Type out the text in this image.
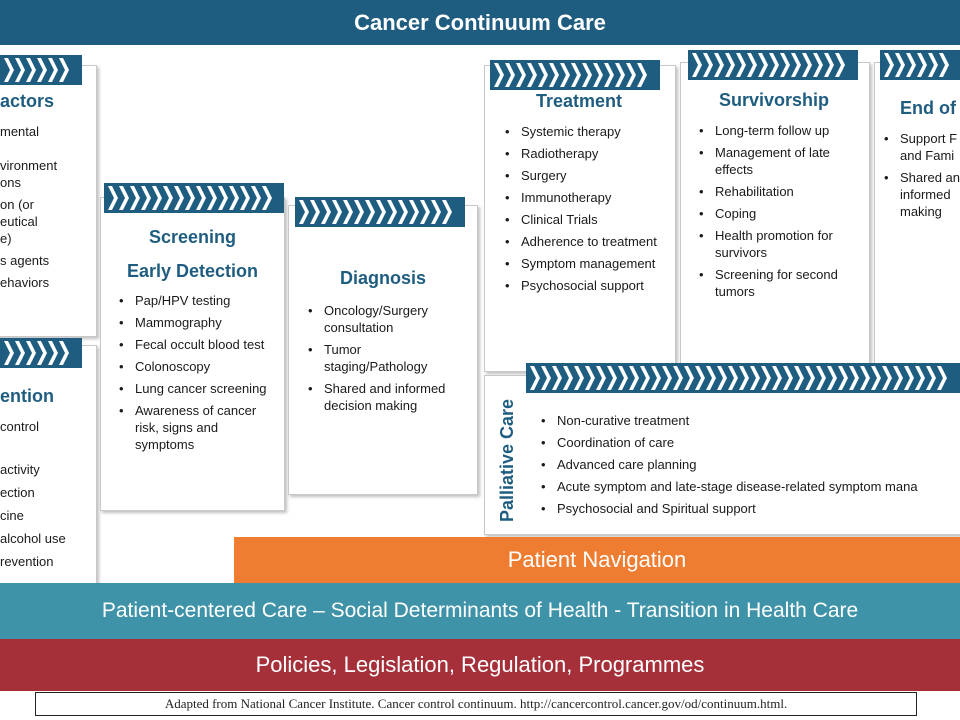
Cancer Continuum Care
actors
mental

vironment
ons
on (or
eutical
e)
s agents
ehaviors
ention
control

activity
ection
cine
alcohol use
revention
Screening
Early Detection
• Pap/HPV testing
• Mammography
• Fecal occult blood test
• Colonoscopy
• Lung cancer screening
• Awareness of cancer risk, signs and symptoms
Diagnosis
• Oncology/Surgery consultation
• Tumor staging/Pathology
• Shared and informed decision making
Treatment
• Systemic therapy
• Radiotherapy
• Surgery
• Immunotherapy
• Clinical Trials
• Adherence to treatment
• Symptom management
• Psychosocial support
Survivorship
• Long-term follow up
• Management of late effects
• Rehabilitation
• Coping
• Health promotion for survivors
• Screening for second tumors
End of
• Support F and Fami
• Shared an informed making
Palliative Care
•	Non-curative treatment
• Coordination of care
• Advanced care planning
• Acute symptom and late-stage disease-related symptom mana
• Psychosocial and Spiritual support
Patient Navigation
Patient-centered Care – Social Determinants of Health - Transition in Health Care
Policies, Legislation, Regulation, Programmes
Adapted from National Cancer Institute. Cancer control continuum. http://cancercontrol.cancer.gov/od/continuum.html.
